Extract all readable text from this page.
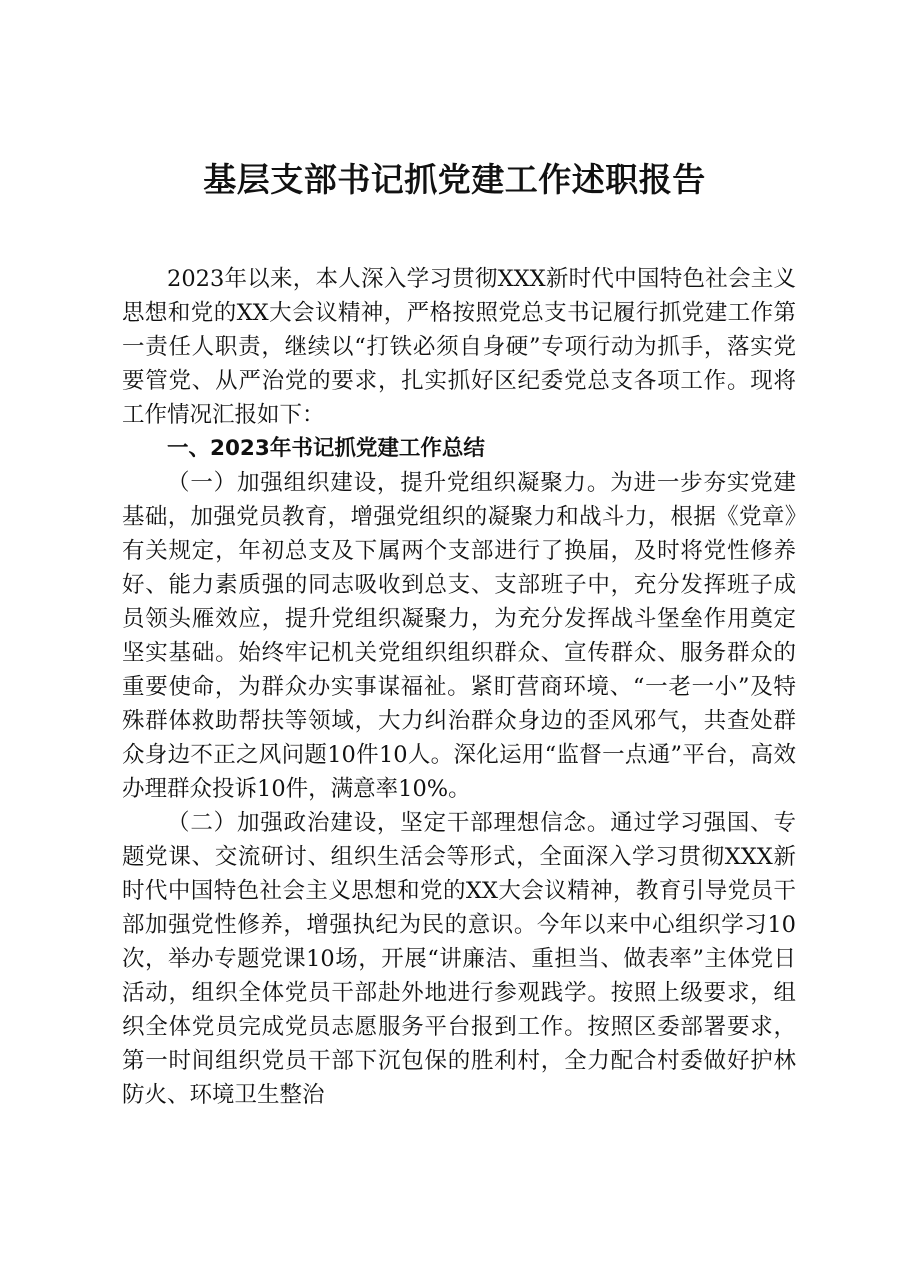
基层支部书记抓党建工作述职报告

2023年以来，本人深入学习贯彻XXX新时代中国特色社会主义思想和党的XX大会议精神，严格按照党总支书记履行抓党建工作第一责任人职责，继续以“打铁必须自身硬”专项行动为抓手，落实党要管党、从严治党的要求，扎实抓好区纪委党总支各项工作。现将工作情况汇报如下：

一、2023年书记抓党建工作总结

（一）加强组织建设，提升党组织凝聚力。为进一步夯实党建基础，加强党员教育，增强党组织的凝聚力和战斗力，根据《党章》有关规定，年初总支及下属两个支部进行了换届，及时将党性修养好、能力素质强的同志吸收到总支、支部班子中，充分发挥班子成员领头雁效应，提升党组织凝聚力，为充分发挥战斗堡垒作用奠定坚实基础。始终牢记机关党组织组织群众、宣传群众、服务群众的重要使命，为群众办实事谋福祉。紧盯营商环境、“一老一小”及特殊群体救助帮扶等领域，大力纠治群众身边的歪风邪气，共查处群众身边不正之风问题10件10人。深化运用“监督一点通”平台，高效办理群众投诉10件，满意率10%。

（二）加强政治建设，坚定干部理想信念。通过学习强国、专题党课、交流研讨、组织生活会等形式，全面深入学习贯彻XXX新时代中国特色社会主义思想和党的XX大会议精神，教育引导党员干部加强党性修养，增强执纪为民的意识。今年以来中心组织学习10次，举办专题党课10场，开展“讲廉洁、重担当、做表率”主体党日活动，组织全体党员干部赴外地进行参观践学。按照上级要求，组织全体党员完成党员志愿服务平台报到工作。按照区委部署要求，第一时间组织党员干部下沉包保的胜利村，全力配合村委做好护林防火、环境卫生整治
